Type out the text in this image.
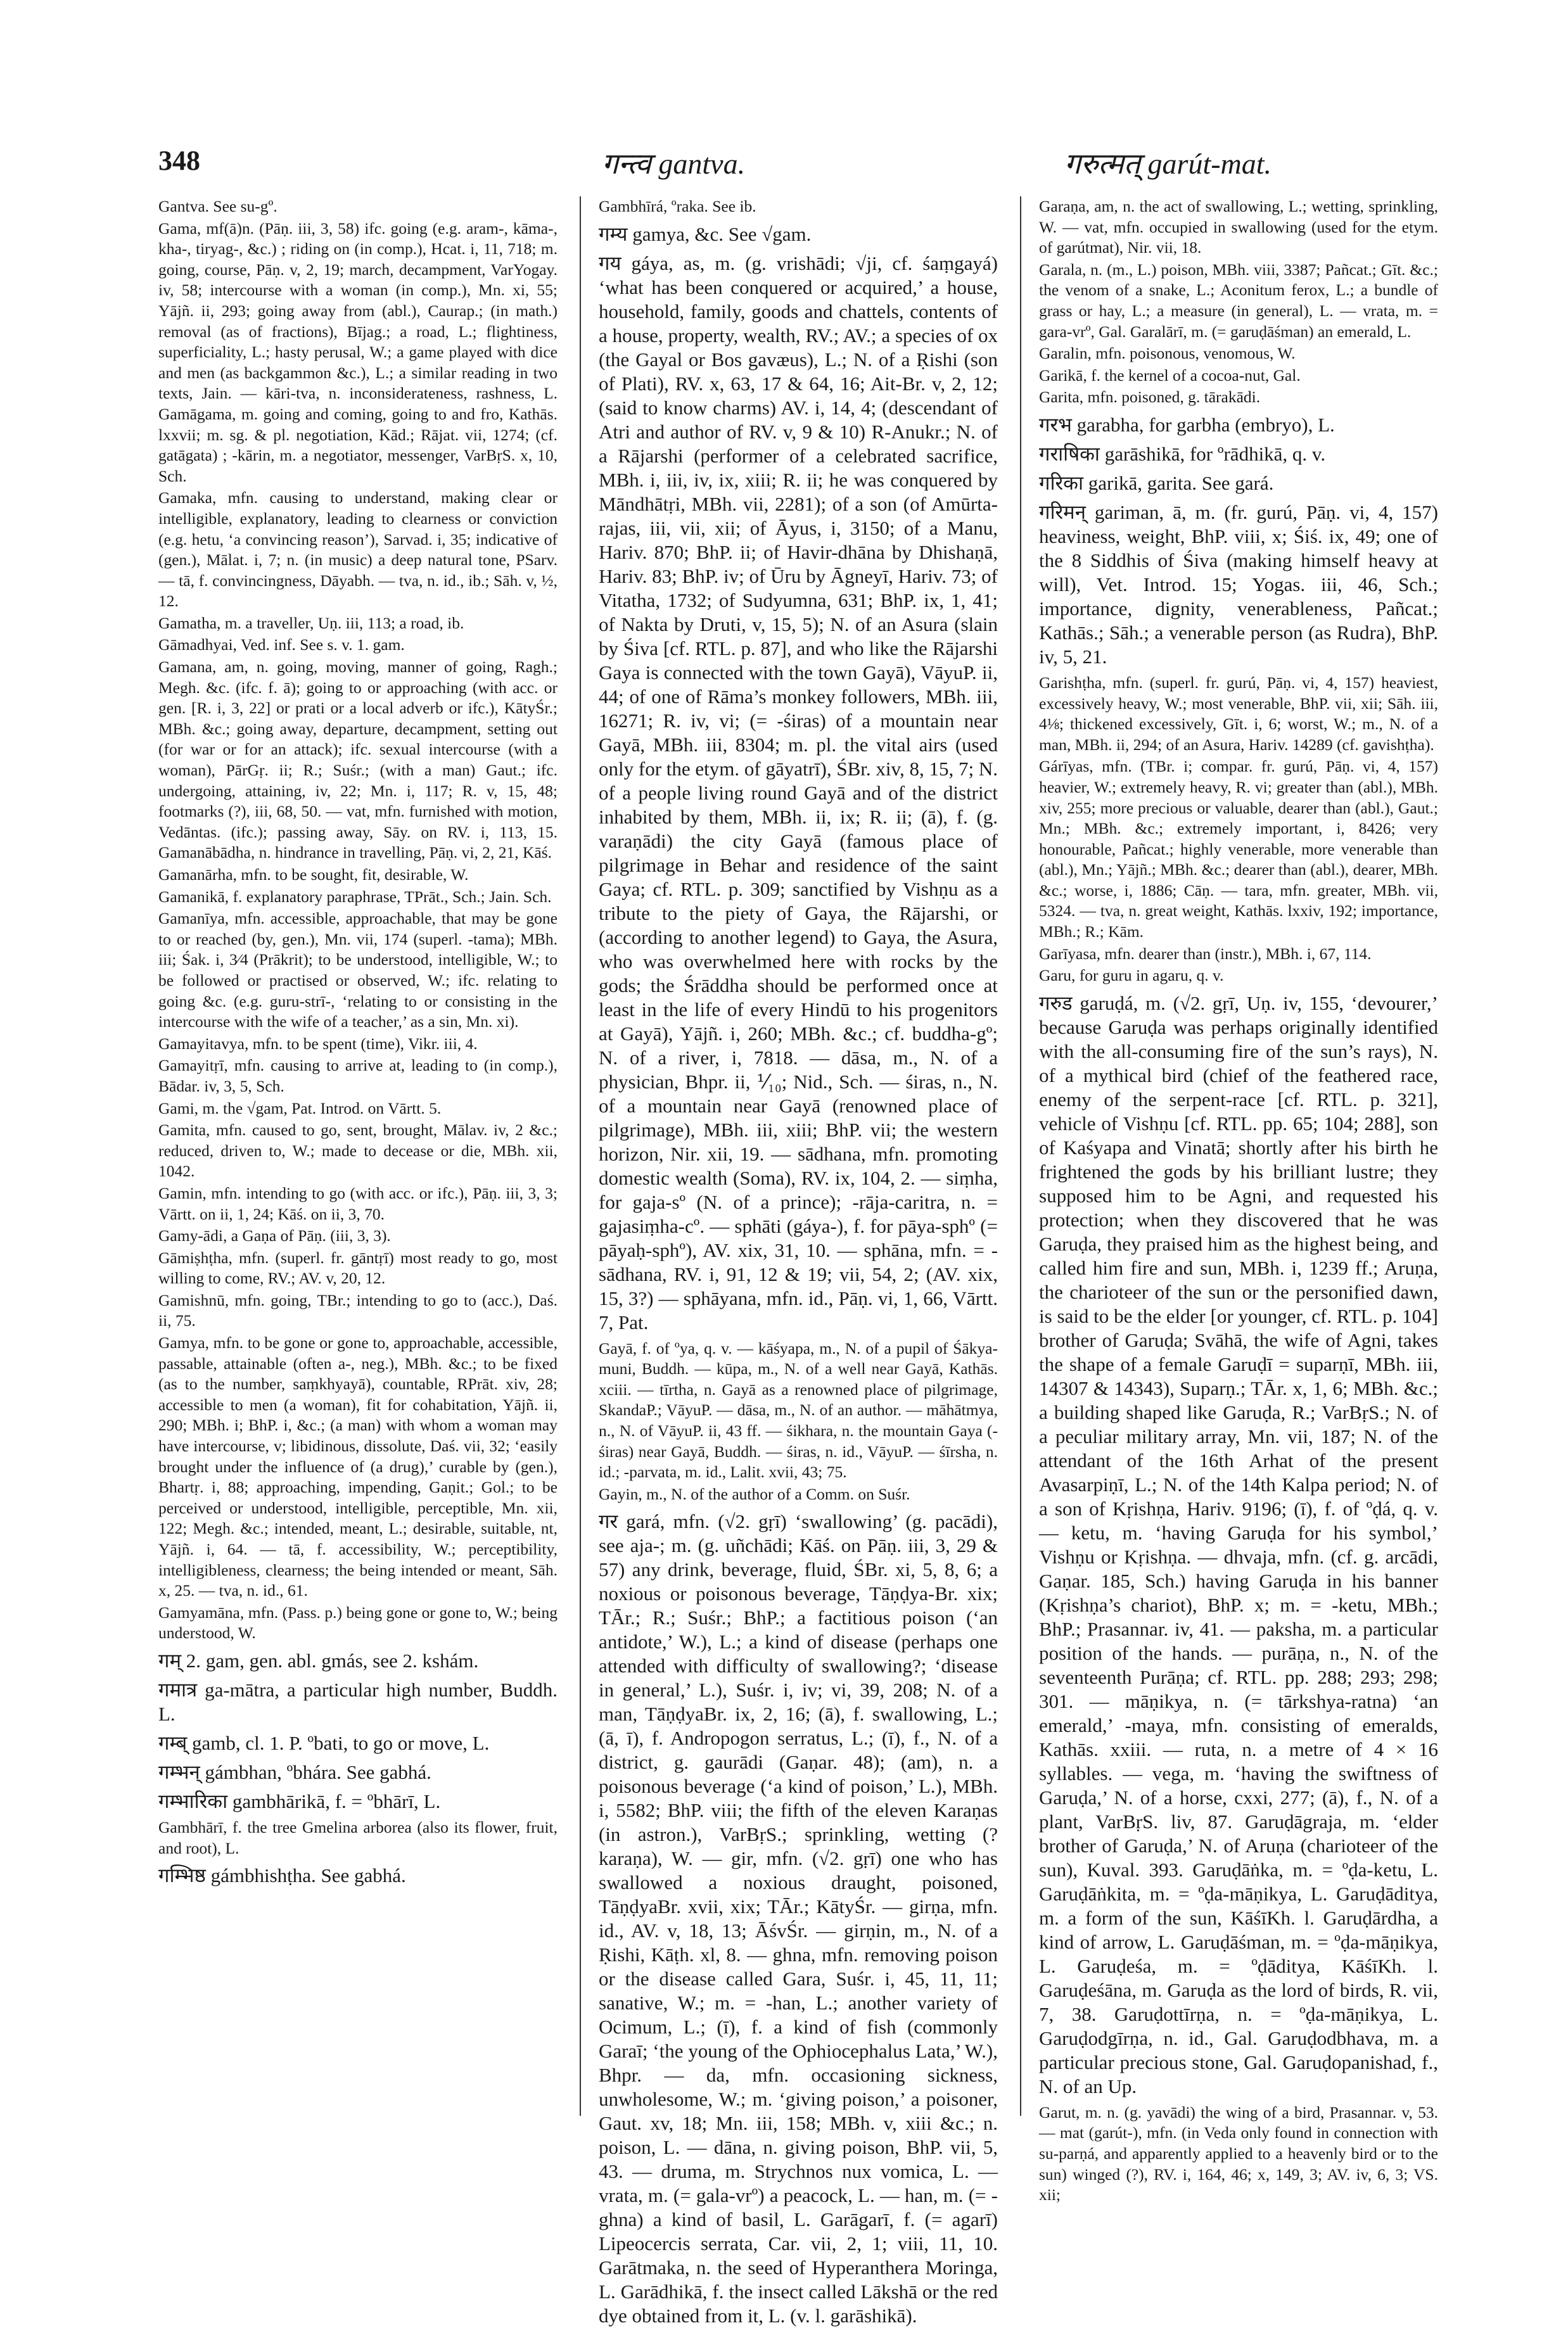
348	गन्त्व gantva.	गरुत्मत् garút-mat.

Gantva. See su-gº.

Gama, mf(ā)n. (Pāṇ. iii, 3, 58) ifc. going (e.g. aram-, kāma-, kha-, tiryag-, &c.) ; riding on (in comp.), Hcat. i, 11, 718; m. going, course, Pāṇ. v, 2, 19; march, decampment, VarYogay. iv, 58; intercourse with a woman (in comp.), Mn. xi, 55; Yājñ. ii, 293; going away from (abl.), Caurap.; (in math.) removal (as of fractions), Bījag.; a road, L.; flightiness, superficiality, L.; hasty perusal, W.; a game played with dice and men (as backgammon &c.), L.; a similar reading in two texts, Jain. — kāri-tva, n. inconsiderateness, rashness, L. Gamāgama, m. going and coming, going to and fro, Kathās. lxxvii; m. sg. & pl. negotiation, Kād.; Rājat. vii, 1274; (cf. gatāgata) ; -kārin, m. a negotiator, messenger, VarBṛS. x, 10, Sch.

Gamaka, mfn. causing to understand, making clear or intelligible, explanatory, leading to clearness or conviction (e.g. hetu, ‘a convincing reason’), Sarvad. i, 35; indicative of (gen.), Mālat. i, 7; n. (in music) a deep natural tone, PSarv. — tā, f. convincingness, Dāyabh. — tva, n. id., ib.; Sāh. v, ½, 12.

Gamatha, m. a traveller, Uṇ. iii, 113; a road, ib.

Gāmadhyai, Ved. inf. See s. v. 1. gam.

Gamana, am, n. going, moving, manner of going, Ragh.; Megh. &c. (ifc. f. ā); going to or approaching (with acc. or gen. [R. i, 3, 22] or prati or a local adverb or ifc.), KātyŚr.; MBh. &c.; going away, departure, decampment, setting out (for war or for an attack); ifc. sexual intercourse (with a woman), PārGṛ. ii; R.; Suśr.; (with a man) Gaut.; ifc. undergoing, attaining, iv, 22; Mn. i, 117; R. v, 15, 48; footmarks (?), iii, 68, 50. — vat, mfn. furnished with motion, Vedāntas. (ifc.); passing away, Sāy. on RV. i, 113, 15. Gamanābādha, n. hindrance in travelling, Pāṇ. vi, 2, 21, Kāś.

Gamanārha, mfn. to be sought, fit, desirable, W.

Gamanikā, f. explanatory paraphrase, TPrāt., Sch.; Jain. Sch.

Gamanīya, mfn. accessible, approachable, that may be gone to or reached (by, gen.), Mn. vii, 174 (superl. -tama); MBh. iii; Śak. i, 3⁄4 (Prākrit); to be understood, intelligible, W.; to be followed or practised or observed, W.; ifc. relating to going &c. (e.g. guru-strī-, ‘relating to or consisting in the intercourse with the wife of a teacher,’ as a sin, Mn. xi).

Gamayitavya, mfn. to be spent (time), Vikr. iii, 4.

Gamayitṛī, mfn. causing to arrive at, leading to (in comp.), Bādar. iv, 3, 5, Sch.

Gami, m. the √gam, Pat. Introd. on Vārtt. 5.

Gamita, mfn. caused to go, sent, brought, Mālav. iv, 2 &c.; reduced, driven to, W.; made to decease or die, MBh. xii, 1042.

Gamin, mfn. intending to go (with acc. or ifc.), Pāṇ. iii, 3, 3; Vārtt. on ii, 1, 24; Kāś. on ii, 3, 70.

Gamy-ādi, a Gaṇa of Pāṇ. (iii, 3, 3).

Gāmiṣhṭha, mfn. (superl. fr. gāntṛī) most ready to go, most willing to come, RV.; AV. v, 20, 12.

Gamishnū, mfn. going, TBr.; intending to go to (acc.), Daś. ii, 75.

Gamya, mfn. to be gone or gone to, approachable, accessible, passable, attainable (often a-, neg.), MBh. &c.; to be fixed (as to the number, saṃkhyayā), countable, RPrāt. xiv, 28; accessible to men (a woman), fit for cohabitation, Yājñ. ii, 290; MBh. i; BhP. i, &c.; (a man) with whom a woman may have intercourse, v; libidinous, dissolute, Daś. vii, 32; ‘easily brought under the influence of (a drug),’ curable by (gen.), Bhartṛ. i, 88; approaching, impending, Gaṇit.; Gol.; to be perceived or understood, intelligible, perceptible, Mn. xii, 122; Megh. &c.; intended, meant, L.; desirable, suitable, nt, Yājñ. i, 64. — tā, f. accessibility, W.; perceptibility, intelligibleness, clearness; the being intended or meant, Sāh. x, 25. — tva, n. id., 61.

Gamyamāna, mfn. (Pass. p.) being gone or gone to, W.; being understood, W.

गम् 2. gam, gen. abl. gmás, see 2. kshám.

गमात्र ga-mātra, a particular high number, Buddh. L.

गम्ब् gamb, cl. 1. P. ºbati, to go or move, L.

गम्भन् gámbhan, ºbhára. See gabhá.

गम्भारिका gambhārikā, f. = ºbhārī, L.

Gambhārī, f. the tree Gmelina arborea (also its flower, fruit, and root), L.

गम्भिष्ठ gámbhishṭha. See gabhá.

Gambhīrá, ºraka. See ib.

गम्य gamya, &c. See √gam.

गय gáya, as, m. (g. vrishādi; √ji, cf. śaṃgayá) ‘what has been conquered or acquired,’ a house, household, family, goods and chattels, contents of a house, property, wealth, RV.; AV.; a species of ox (the Gayal or Bos gavæus), L.; N. of a Ṛishi (son of Plati), RV. x, 63, 17 & 64, 16; Ait-Br. v, 2, 12; (said to know charms) AV. i, 14, 4; (descendant of Atri and author of RV. v, 9 & 10) R-Anukr.; N. of a Rājarshi (performer of a celebrated sacrifice, MBh. i, iii, iv, ix, xiii; R. ii; he was conquered by Māndhātṛi, MBh. vii, 2281); of a son (of Amūrta-rajas, iii, vii, xii; of Āyus, i, 3150; of a Manu, Hariv. 870; BhP. ii; of Havir-dhāna by Dhishaṇā, Hariv. 83; BhP. iv; of Ūru by Āgneyī, Hariv. 73; of Vitatha, 1732; of Sudyumna, 631; BhP. ix, 1, 41; of Nakta by Druti, v, 15, 5); N. of an Asura (slain by Śiva [cf. RTL. p. 87], and who like the Rājarshi Gaya is connected with the town Gayā), VāyuP. ii, 44; of one of Rāma’s monkey followers, MBh. iii, 16271; R. iv, vi; (= -śiras) of a mountain near Gayā, MBh. iii, 8304; m. pl. the vital airs (used only for the etym. of gāyatrī), ŚBr. xiv, 8, 15, 7; N. of a people living round Gayā and of the district inhabited by them, MBh. ii, ix; R. ii; (ā), f. (g. varaṇādi) the city Gayā (famous place of pilgrimage in Behar and residence of the saint Gaya; cf. RTL. p. 309; sanctified by Vishṇu as a tribute to the piety of Gaya, the Rājarshi, or (according to another legend) to Gaya, the Asura, who was overwhelmed here with rocks by the gods; the Śrāddha should be performed once at least in the life of every Hindū to his progenitors at Gayā), Yājñ. i, 260; MBh. &c.; cf. buddha-gº; N. of a river, i, 7818. — dāsa, m., N. of a physician, Bhpr. ii, ⅟₁₀; Nid., Sch. — śiras, n., N. of a mountain near Gayā (renowned place of pilgrimage), MBh. iii, xiii; BhP. vii; the western horizon, Nir. xii, 19. — sādhana, mfn. promoting domestic wealth (Soma), RV. ix, 104, 2. — siṃha, for gaja-sº (N. of a prince); -rāja-caritra, n. = gajasiṃha-cº. — sphāti (gáya-), f. for pāya-sphº (= pāyaḥ-sphº), AV. xix, 31, 10. — sphāna, mfn. = -sādhana, RV. i, 91, 12 & 19; vii, 54, 2; (AV. xix, 15, 3?) — sphāyana, mfn. id., Pāṇ. vi, 1, 66, Vārtt. 7, Pat.

Gayā, f. of ºya, q. v. — kāśyapa, m., N. of a pupil of Śākya-muni, Buddh. — kūpa, m., N. of a well near Gayā, Kathās. xciii. — tīrtha, n. Gayā as a renowned place of pilgrimage, SkandaP.; VāyuP. — dāsa, m., N. of an author. — māhātmya, n., N. of VāyuP. ii, 43 ff. — śikhara, n. the mountain Gaya (-śiras) near Gayā, Buddh. — śiras, n. id., VāyuP. — śīrsha, n. id.; -parvata, m. id., Lalit. xvii, 43; 75.

Gayin, m., N. of the author of a Comm. on Suśr.

गर gará, mfn. (√2. gṛī) ‘swallowing’ (g. pacādi), see aja-; m. (g. uñchādi; Kāś. on Pāṇ. iii, 3, 29 & 57) any drink, beverage, fluid, ŚBr. xi, 5, 8, 6; a noxious or poisonous beverage, Tāṇḍya-Br. xix; TĀr.; R.; Suśr.; BhP.; a factitious poison (‘an antidote,’ W.), L.; a kind of disease (perhaps one attended with difficulty of swallowing?; ‘disease in general,’ L.), Suśr. i, iv; vi, 39, 208; N. of a man, TāṇḍyaBr. ix, 2, 16; (ā), f. swallowing, L.; (ā, ī), f. Andropogon serratus, L.; (ī), f., N. of a district, g. gaurādi (Gaṇar. 48); (am), n. a poisonous beverage (‘a kind of poison,’ L.), MBh. i, 5582; BhP. viii; the fifth of the eleven Karaṇas (in astron.), VarBṛS.; sprinkling, wetting (? karaṇa), W. — gir, mfn. (√2. gṛī) one who has swallowed a noxious draught, poisoned, TāṇḍyaBr. xvii, xix; TĀr.; KātyŚr. — girṇa, mfn. id., AV. v, 18, 13; ĀśvŚr. — girṇin, m., N. of a Ṛishi, Kāṭh. xl, 8. — ghna, mfn. removing poison or the disease called Gara, Suśr. i, 45, 11, 11; sanative, W.; m. = -han, L.; another variety of Ocimum, L.; (ī), f. a kind of fish (commonly Garaī; ‘the young of the Ophiocephalus Lata,’ W.), Bhpr. — da, mfn. occasioning sickness, unwholesome, W.; m. ‘giving poison,’ a poisoner, Gaut. xv, 18; Mn. iii, 158; MBh. v, xiii &c.; n. poison, L. — dāna, n. giving poison, BhP. vii, 5, 43. — druma, m. Strychnos nux vomica, L. — vrata, m. (= gala-vrº) a peacock, L. — han, m. (= -ghna) a kind of basil, L. Garāgarī, f. (= agarī) Lipeocercis serrata, Car. vii, 2, 1; viii, 11, 10. Garātmaka, n. the seed of Hyperanthera Moringa, L. Garādhikā, f. the insect called Lākshā or the red dye obtained from it, L. (v. l. garāshikā).

Garaṇa, am, n. the act of swallowing, L.; wetting, sprinkling, W. — vat, mfn. occupied in swallowing (used for the etym. of garútmat), Nir. vii, 18.

Garala, n. (m., L.) poison, MBh. viii, 3387; Pañcat.; Gīt. &c.; the venom of a snake, L.; Aconitum ferox, L.; a bundle of grass or hay, L.; a measure (in general), L. — vrata, m. = gara-vrº, Gal. Garalārī, m. (= garuḍāśman) an emerald, L.

Garalin, mfn. poisonous, venomous, W.

Garikā, f. the kernel of a cocoa-nut, Gal.

Garita, mfn. poisoned, g. tārakādi.

गरभ garabha, for garbha (embryo), L.

गराषिका garāshikā, for ºrādhikā, q. v.

गरिका garikā, garita. See gará.

गरिमन् gariman, ā, m. (fr. gurú, Pāṇ. vi, 4, 157) heaviness, weight, BhP. viii, x; Śiś. ix, 49; one of the 8 Siddhis of Śiva (making himself heavy at will), Vet. Introd. 15; Yogas. iii, 46, Sch.; importance, dignity, venerableness, Pañcat.; Kathās.; Sāh.; a venerable person (as Rudra), BhP. iv, 5, 21.

Garishṭha, mfn. (superl. fr. gurú, Pāṇ. vi, 4, 157) heaviest, excessively heavy, W.; most venerable, BhP. vii, xii; Sāh. iii, 4⅛; thickened excessively, Gīt. i, 6; worst, W.; m., N. of a man, MBh. ii, 294; of an Asura, Hariv. 14289 (cf. gavishṭha).

Gárīyas, mfn. (TBr. i; compar. fr. gurú, Pāṇ. vi, 4, 157) heavier, W.; extremely heavy, R. vi; greater than (abl.), MBh. xiv, 255; more precious or valuable, dearer than (abl.), Gaut.; Mn.; MBh. &c.; extremely important, i, 8426; very honourable, Pañcat.; highly venerable, more venerable than (abl.), Mn.; Yājñ.; MBh. &c.; dearer than (abl.), dearer, MBh. &c.; worse, i, 1886; Cāṇ. — tara, mfn. greater, MBh. vii, 5324. — tva, n. great weight, Kathās. lxxiv, 192; importance, MBh.; R.; Kām.

Garīyasa, mfn. dearer than (instr.), MBh. i, 67, 114.

Garu, for guru in agaru, q. v.

गरुड garuḍá, m. (√2. gṛī, Uṇ. iv, 155, ‘devourer,’ because Garuḍa was perhaps originally identified with the all-consuming fire of the sun’s rays), N. of a mythical bird (chief of the feathered race, enemy of the serpent-race [cf. RTL. p. 321], vehicle of Vishṇu [cf. RTL. pp. 65; 104; 288], son of Kaśyapa and Vinatā; shortly after his birth he frightened the gods by his brilliant lustre; they supposed him to be Agni, and requested his protection; when they discovered that he was Garuḍa, they praised him as the highest being, and called him fire and sun, MBh. i, 1239 ff.; Aruṇa, the charioteer of the sun or the personified dawn, is said to be the elder [or younger, cf. RTL. p. 104] brother of Garuḍa; Svāhā, the wife of Agni, takes the shape of a female Garuḍī = suparṇī, MBh. iii, 14307 & 14343), Suparṇ.; TĀr. x, 1, 6; MBh. &c.; a building shaped like Garuḍa, R.; VarBṛS.; N. of a peculiar military array, Mn. vii, 187; N. of the attendant of the 16th Arhat of the present Avasarpiṇī, L.; N. of the 14th Kalpa period; N. of a son of Kṛishṇa, Hariv. 9196; (ī), f. of ºḍá, q. v. — ketu, m. ‘having Garuḍa for his symbol,’ Vishṇu or Kṛishṇa. — dhvaja, mfn. (cf. g. arcādi, Gaṇar. 185, Sch.) having Garuḍa in his banner (Kṛishṇa’s chariot), BhP. x; m. = -ketu, MBh.; BhP.; Prasannar. iv, 41. — paksha, m. a particular position of the hands. — purāṇa, n., N. of the seventeenth Purāṇa; cf. RTL. pp. 288; 293; 298; 301. — māṇikya, n. (= tārkshya-ratna) ‘an emerald,’ -maya, mfn. consisting of emeralds, Kathās. xxiii. — ruta, n. a metre of 4 × 16 syllables. — vega, m. ‘having the swiftness of Garuḍa,’ N. of a horse, cxxi, 277; (ā), f., N. of a plant, VarBṛS. liv, 87. Garuḍāgraja, m. ‘elder brother of Garuḍa,’ N. of Aruṇa (charioteer of the sun), Kuval. 393. Garuḍāṅka, m. = ºḍa-ketu, L. Garuḍāṅkita, m. = ºḍa-māṇikya, L. Garuḍāditya, m. a form of the sun, KāśīKh. l. Garuḍārdha, a kind of arrow, L. Garuḍāśman, m. = ºḍa-māṇikya, L. Garuḍeśa, m. = ºḍāditya, KāśīKh. l. Garuḍeśāna, m. Garuḍa as the lord of birds, R. vii, 7, 38. Garuḍottīrṇa, n. = ºḍa-māṇikya, L. Garuḍodgīrṇa, n. id., Gal. Garuḍodbhava, m. a particular precious stone, Gal. Garuḍopanishad, f., N. of an Up.

Garut, m. n. (g. yavādi) the wing of a bird, Prasannar. v, 53. — mat (garút-), mfn. (in Veda only found in connection with su-parṇá, and apparently applied to a heavenly bird or to the sun) winged (?), RV. i, 164, 46; x, 149, 3; AV. iv, 6, 3; VS. xii;
